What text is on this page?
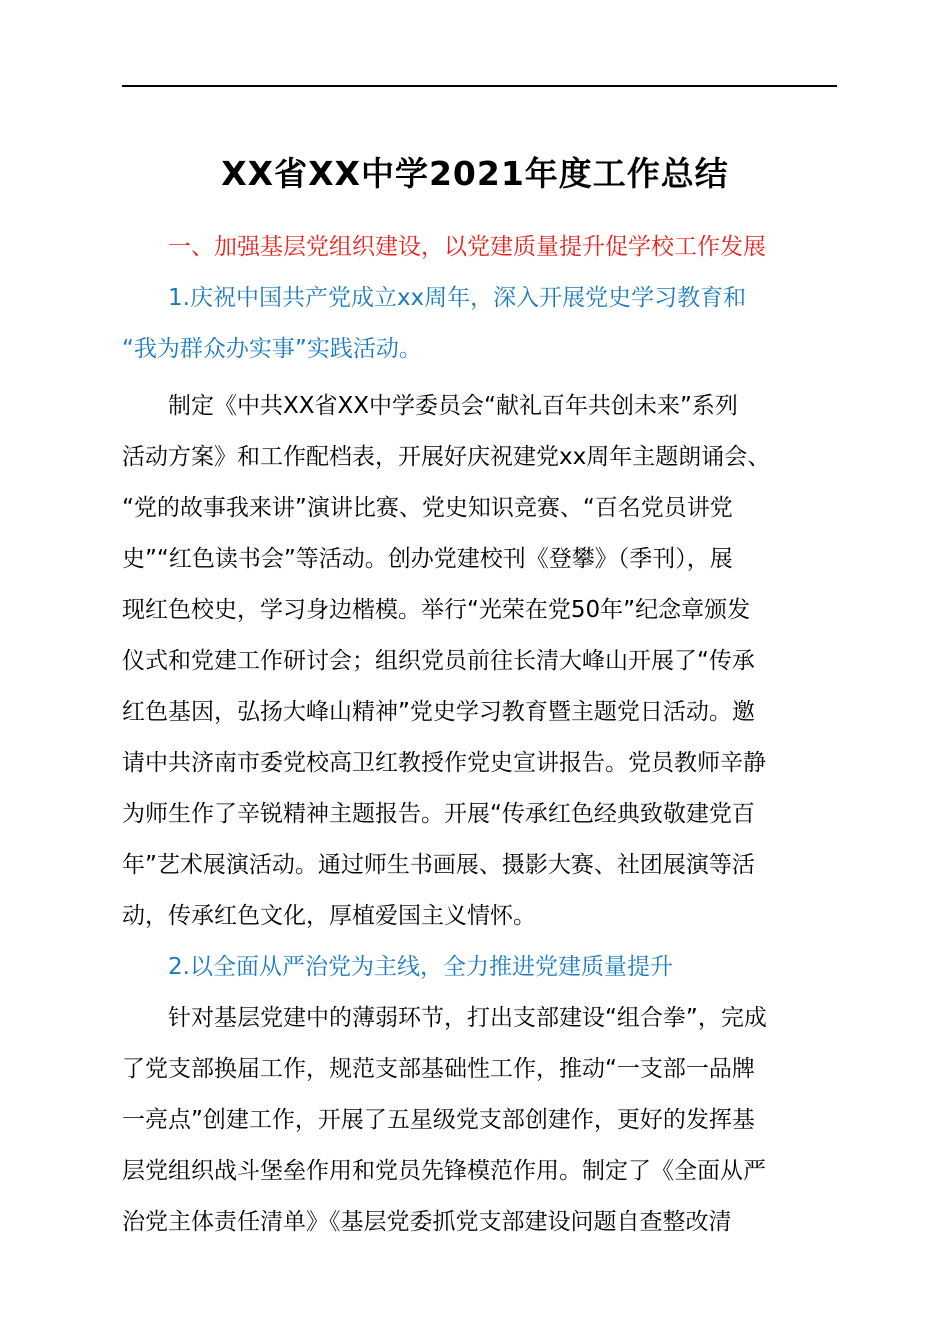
XX省XX中学2021年度工作总结

一、加强基层党组织建设，以党建质量提升促学校工作发展

1.庆祝中国共产党成立xx周年，深入开展党史学习教育和

“我为群众办实事”实践活动。

制定《中共XX省XX中学委员会“献礼百年共创未来”系列
活动方案》和工作配档表，开展好庆祝建党xx周年主题朗诵会、
“党的故事我来讲”演讲比赛、党史知识竞赛、“百名党员讲党
史”“红色读书会”等活动。创办党建校刊《登攀》（季刊），展
现红色校史，学习身边楷模。举行“光荣在党50年”纪念章颁发
仪式和党建工作研讨会；组织党员前往长清大峰山开展了“传承
红色基因，弘扬大峰山精神”党史学习教育暨主题党日活动。邀
请中共济南市委党校高卫红教授作党史宣讲报告。党员教师辛静
为师生作了辛锐精神主题报告。开展“传承红色经典致敬建党百
年”艺术展演活动。通过师生书画展、摄影大赛、社团展演等活
动，传承红色文化，厚植爱国主义情怀。

2.以全面从严治党为主线，全力推进党建质量提升

针对基层党建中的薄弱环节，打出支部建设“组合拳”，完成
了党支部换届工作，规范支部基础性工作，推动“一支部一品牌
一亮点”创建工作，开展了五星级党支部创建作，更好的发挥基
层党组织战斗堡垒作用和党员先锋模范作用。制定了《全面从严
治党主体责任清单》《基层党委抓党支部建设问题自查整改清
